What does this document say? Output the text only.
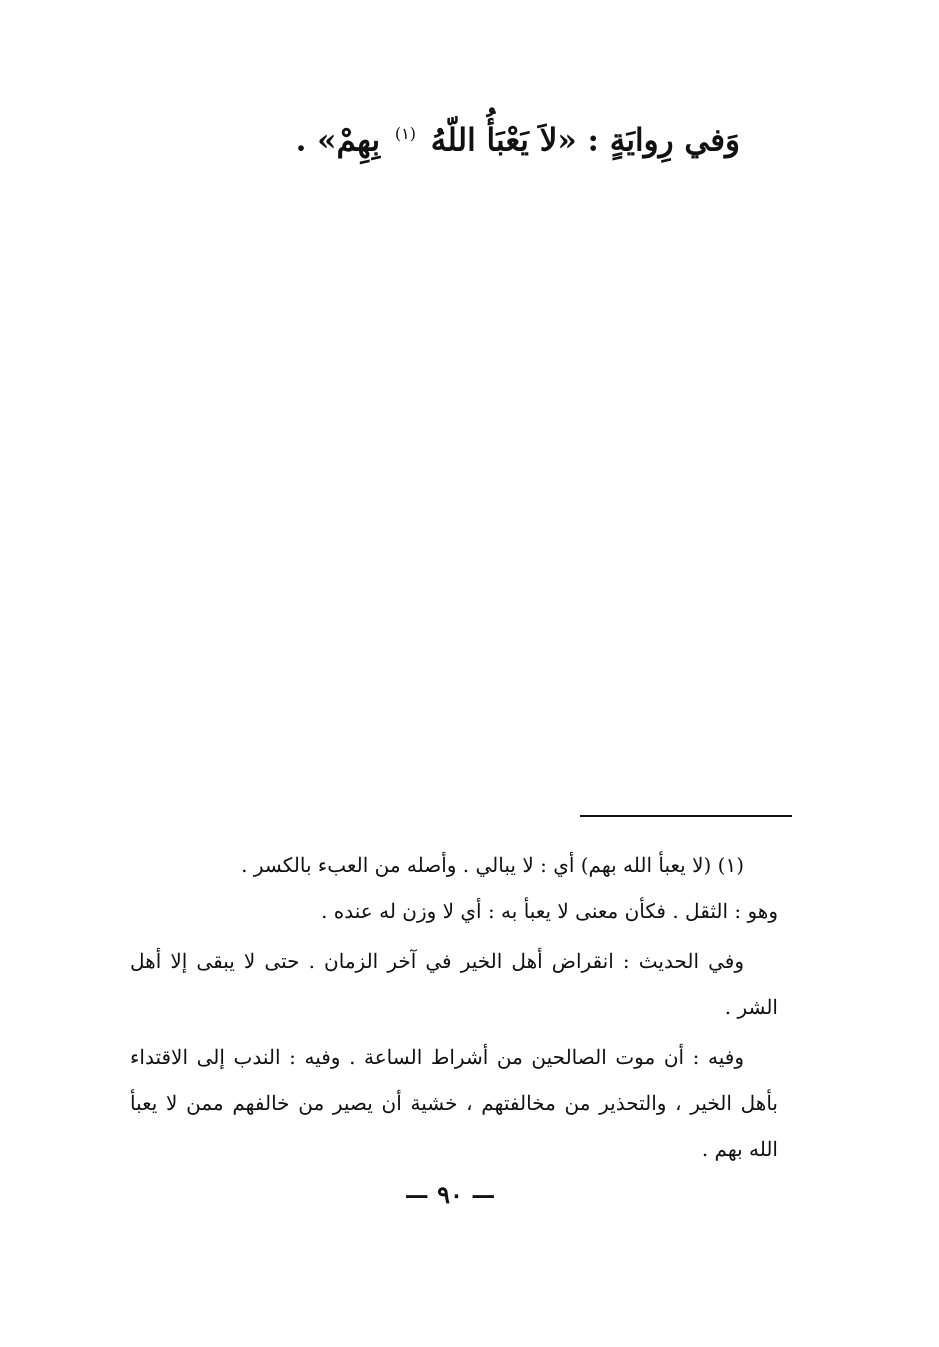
وَفي رِوايَةٍ : «لاَ يَعْبَأُ اللّهُ $^{(١)}$ بِهِمْ» .

(١) (لا يعبأ الله بهم) أي : لا يبالي . وأصله من العبء بالكسر .
وهو : الثقل . فكأن معنى لا يعبأ به : أي لا وزن له عنده .

وفي الحديث : انقراض أهل الخير في آخر الزمان . حتى لا يبقى إلا أهل الشر .

وفيه : أن موت الصالحين من أشراط الساعة . وفيه : الندب إلى الاقتداء بأهل الخير ، والتحذير من مخالفتهم ، خشية أن يصير من خالفهم ممن لا يعبأ الله بهم .

— ٩٠ —
